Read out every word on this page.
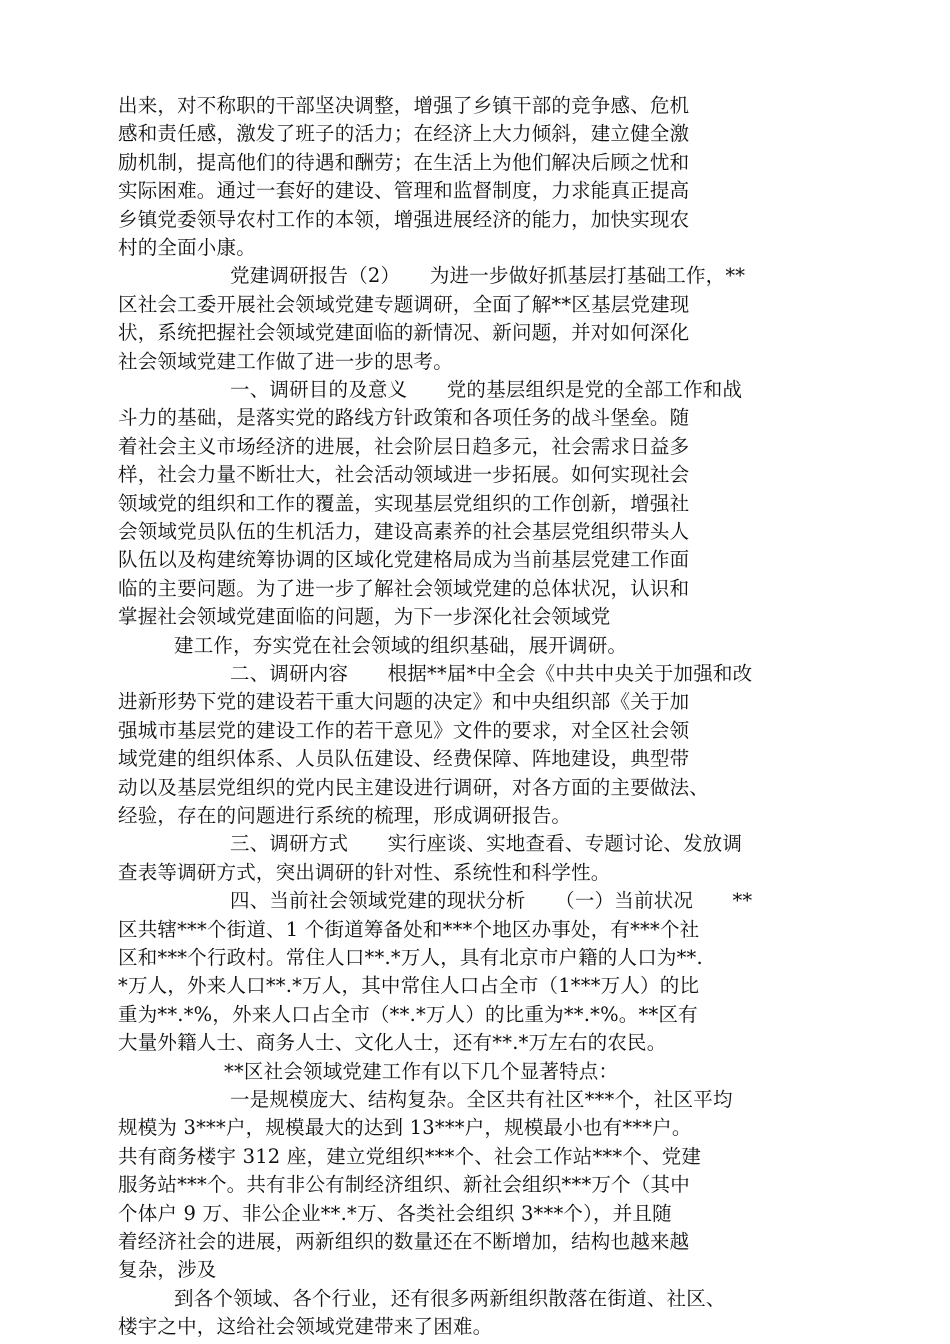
出来，对不称职的干部坚决调整，增强了乡镇干部的竞争感、危机
感和责任感，激发了班子的活力；在经济上大力倾斜，建立健全激
励机制，提高他们的待遇和酬劳；在生活上为他们解决后顾之忧和
实际困难。通过一套好的建设、管理和监督制度，力求能真正提高
乡镇党委领导农村工作的本领，增强进展经济的能力，加快实现农
村的全面小康。
党建调研报告（2）　　为进一步做好抓基层打基础工作，**
区社会工委开展社会领域党建专题调研，全面了解**区基层党建现
状，系统把握社会领域党建面临的新情况、新问题，并对如何深化
社会领域党建工作做了进一步的思考。
一、调研目的及意义　　党的基层组织是党的全部工作和战
斗力的基础，是落实党的路线方针政策和各项任务的战斗堡垒。随
着社会主义市场经济的进展，社会阶层日趋多元，社会需求日益多
样，社会力量不断壮大，社会活动领域进一步拓展。如何实现社会
领域党的组织和工作的覆盖，实现基层党组织的工作创新，增强社
会领域党员队伍的生机活力，建设高素养的社会基层党组织带头人
队伍以及构建统筹协调的区域化党建格局成为当前基层党建工作面
临的主要问题。为了进一步了解社会领域党建的总体状况，认识和
掌握社会领域党建面临的问题，为下一步深化社会领域党
建工作，夯实党在社会领域的组织基础，展开调研。
二、调研内容　　根据**届*中全会《中共中央关于加强和改
进新形势下党的建设若干重大问题的决定》和中央组织部《关于加
强城市基层党的建设工作的若干意见》文件的要求，对全区社会领
域党建的组织体系、人员队伍建设、经费保障、阵地建设，典型带
动以及基层党组织的党内民主建设进行调研，对各方面的主要做法、
经验，存在的问题进行系统的梳理，形成调研报告。
三、调研方式　　实行座谈、实地查看、专题讨论、发放调
查表等调研方式，突出调研的针对性、系统性和科学性。
四、当前社会领域党建的现状分析　　（一）当前状况　　**
区共辖***个街道、1 个街道筹备处和***个地区办事处，有***个社
区和***个行政村。常住人口**.*万人，具有北京市户籍的人口为**.
*万人，外来人口**.*万人，其中常住人口占全市（1***万人）的比
重为**.*%，外来人口占全市（**.*万人）的比重为**.*%。**区有
大量外籍人士、商务人士、文化人士，还有**.*万左右的农民。
**区社会领域党建工作有以下几个显著特点：
一是规模庞大、结构复杂。全区共有社区***个，社区平均
规模为 3***户，规模最大的达到 13***户，规模最小也有***户。
共有商务楼宇 312 座，建立党组织***个、社会工作站***个、党建
服务站***个。共有非公有制经济组织、新社会组织***万个（其中
个体户 9 万、非公企业**.*万、各类社会组织 3***个），并且随
着经济社会的进展，两新组织的数量还在不断增加，结构也越来越
复杂，涉及
到各个领域、各个行业，还有很多两新组织散落在街道、社区、
楼宇之中，这给社会领域党建带来了困难。
